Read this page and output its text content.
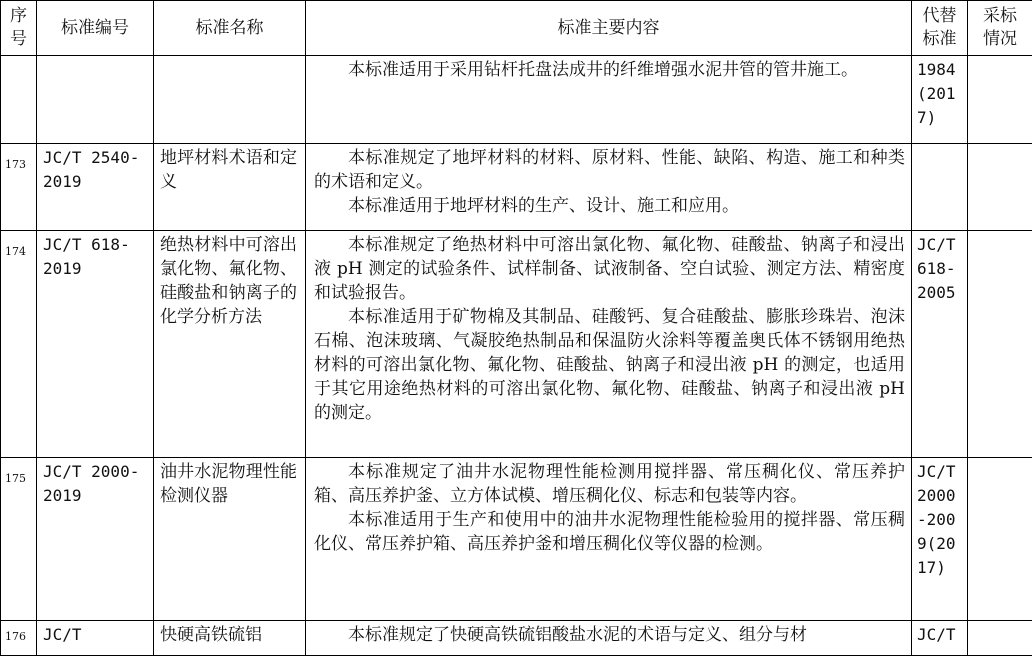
序号	标准编号	标准名称	标准主要内容	代替标准	采标情况

			本标准适用于采用钻杆托盘法成井的纤维增强水泥井管的管井施工。	1984(2017)	
173	JC/T 2540-2019	地坪材料术语和定义	本标准规定了地坪材料的材料、原材料、性能、缺陷、构造、施工和种类的术语和定义。

本标准适用于地坪材料的生产、设计、施工和应用。		

174	JC/T 618-2019	绝热材料中可溶出氯化物、氟化物、硅酸盐和钠离子的化学分析方法	本标准规定了绝热材料中可溶出氯化物、氟化物、硅酸盐、钠离子和浸出液 pH 测定的试验条件、试样制备、试液制备、空白试验、测定方法、精密度和试验报告。

本标准适用于矿物棉及其制品、硅酸钙、复合硅酸盐、膨胀珍珠岩、泡沫石棉、泡沫玻璃、气凝胶绝热制品和保温防火涂料等覆盖奥氏体不锈钢用绝热材料的可溶出氯化物、氟化物、硅酸盐、钠离子和浸出液 pH 的测定，也适用于其它用途绝热材料的可溶出氯化物、氟化物、硅酸盐、钠离子和浸出液 pH 的测定。	JC/T 618-2005	
175	JC/T 2000-2019	油井水泥物理性能检测仪器	本标准规定了油井水泥物理性能检测用搅拌器、常压稠化仪、常压养护箱、高压养护釜、立方体试模、增压稠化仪、标志和包装等内容。

本标准适用于生产和使用中的油井水泥物理性能检验用的搅拌器、常压稠化仪、常压养护箱、高压养护釜和增压稠化仪等仪器的检测。	JC/T 2000-2009(2017)	
176	JC/T	快硬高铁硫铝	本标准规定了快硬高铁硫铝酸盐水泥的术语与定义、组分与材	JC/T	
